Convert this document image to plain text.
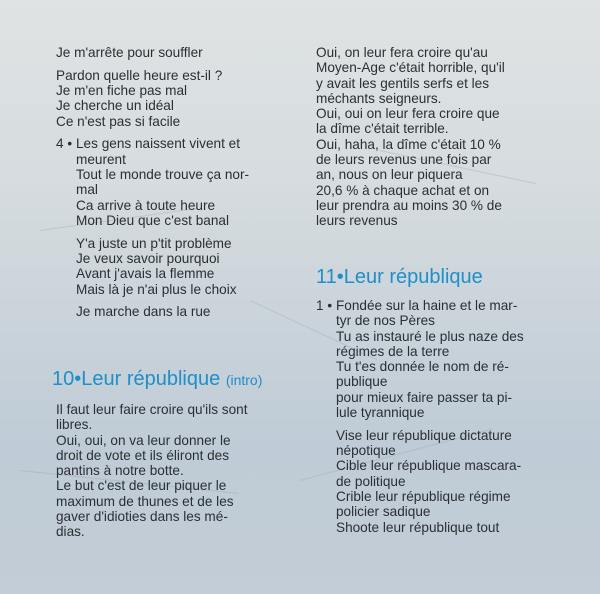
Je m'arrête pour souffler
Pardon quelle heure est-il ?
Je m'en fiche pas mal
Je cherche un idéal
Ce n'est pas si facile
4 • Les gens naissent vivent et
meurent
Tout le monde trouve ça nor-
mal
Ca arrive à toute heure
Mon Dieu que c'est banal
Y'a juste un p'tit problème
Je veux savoir pourquoi
Avant j'avais la flemme
Mais là je n'ai plus le choix
Je marche dans la rue
10•Leur république (intro)
Il faut leur faire croire qu'ils sont
libres.
Oui, oui, on va leur donner le
droit de vote et ils éliront des
pantins à notre botte.
Le but c'est de leur piquer le
maximum de thunes et de les
gaver d'idioties dans les mé-
dias.
Oui, on leur fera croire qu'au
Moyen-Age c'était horrible, qu'il
y avait les gentils serfs et les
méchants seigneurs.
Oui, oui on leur fera croire que
la dîme c'était terrible.
Oui, haha, la dîme c'était 10 %
de leurs revenus une fois par
an, nous on leur piquera
20,6 % à chaque achat et on
leur prendra au moins 30 % de
leurs revenus
11•Leur république
1 • Fondée sur la haine et le mar-
tyr de nos Pères
Tu as instauré le plus naze des
régimes de la terre
Tu t'es donnée le nom de ré-
publique
pour mieux faire passer ta pi-
lule tyrannique
Vise leur république dictature
népotique
Cible leur république mascara-
de politique
Crible leur république régime
policier sadique
Shoote leur république tout
